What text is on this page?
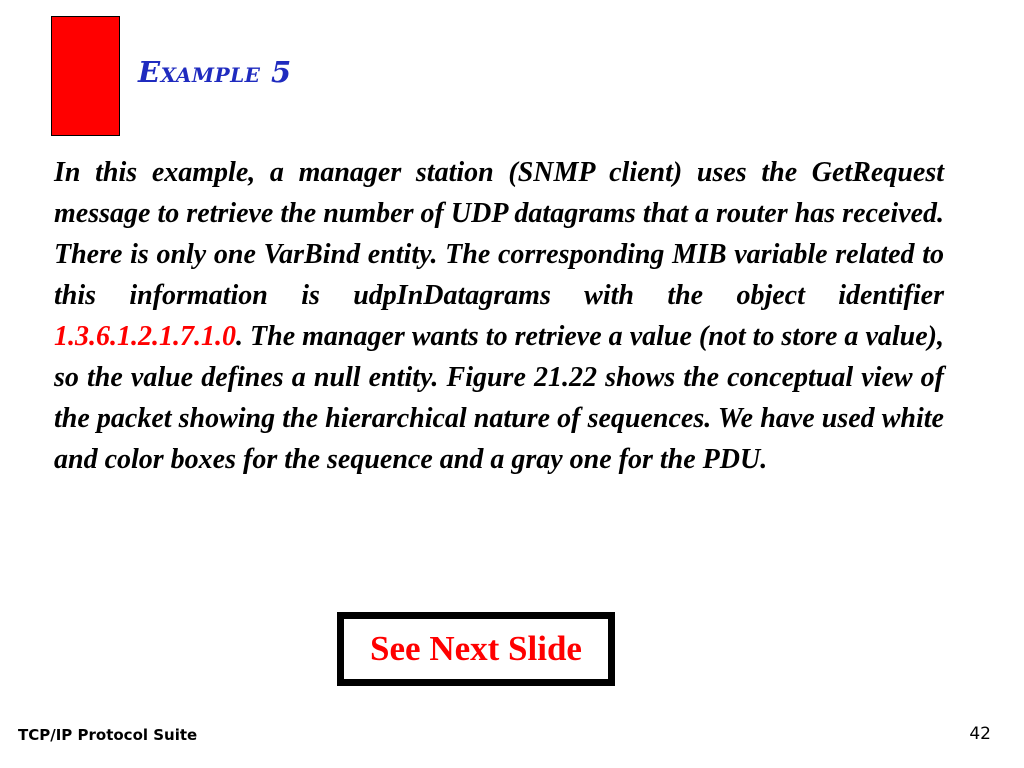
Example 5

In this example, a manager station (SNMP client) uses the GetRequest message to retrieve the number of UDP datagrams that a router has received. There is only one VarBind entity. The corresponding MIB variable related to this information is udpInDatagrams with the object identifier 1.3.6.1.2.1.7.1.0. The manager wants to retrieve a value (not to store a value), so the value defines a null entity. Figure 21.22 shows the conceptual view of the packet showing the hierarchical nature of sequences. We have used white and color boxes for the sequence and a gray one for the PDU.

See Next Slide
TCP/IP Protocol Suite	42
